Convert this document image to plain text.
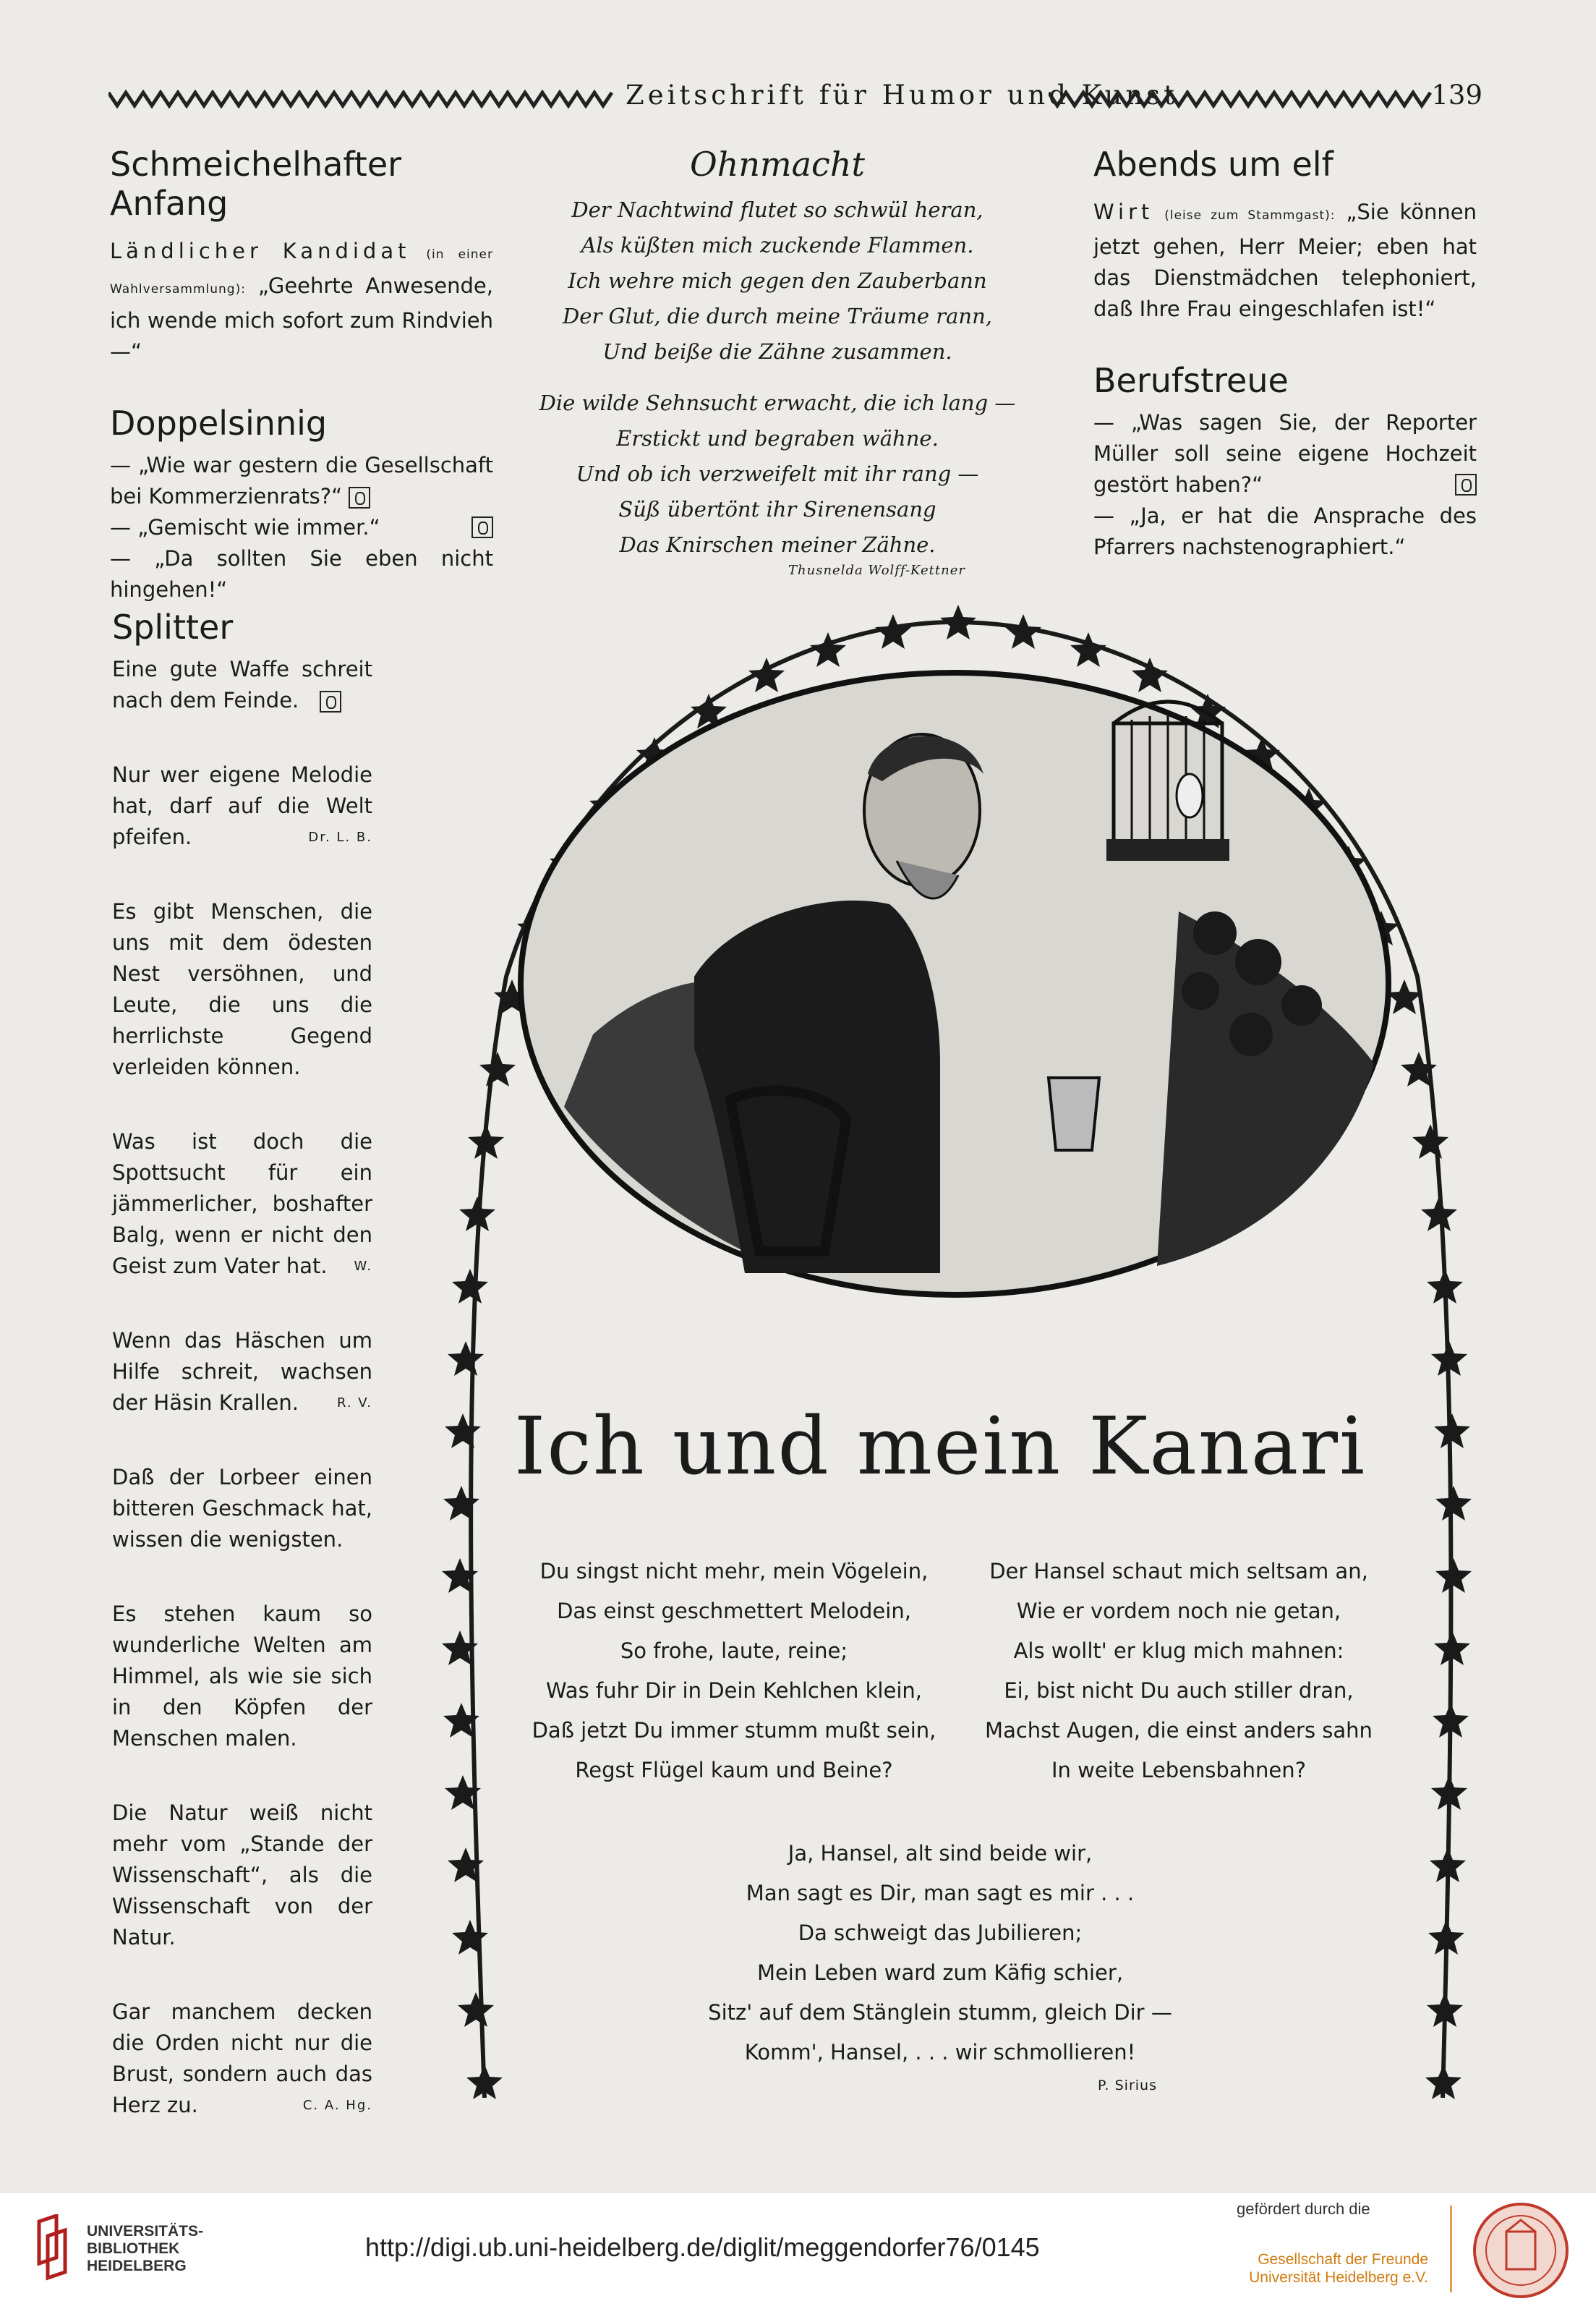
Zeitschrift für Humor und Kunst	139
Schmeichelhafter Anfang
Ländlicher Kandidat (in einer Wahlversammlung): „Geehrte Anwesende, ich wende mich sofort zum Rindvieh —“
Doppelsinnig
— „Wie war gestern die Gesellschaft bei Kommerzienrats?“
— „Gemischt wie immer.“
— „Da sollten Sie eben nicht hingehen!“
Ohnmacht
Der Nachtwind flutet so schwül heran,
Als küßten mich zuckende Flammen.
Ich wehre mich gegen den Zauberbann
Der Glut, die durch meine Träume rann,
Und beiße die Zähne zusammen.
Die wilde Sehnsucht erwacht, die ich lang —
Erstickt und begraben wähne.
Und ob ich verzweifelt mit ihr rang —
Süß übertönt ihr Sirenensang
Das Knirschen meiner Zähne.
Thusnelda Wolff-Kettner
Abends um elf
Wirt (leise zum Stammgast): „Sie können jetzt gehen, Herr Meier; eben hat das Dienstmädchen telephoniert, daß Ihre Frau eingeschlafen ist!“
Berufstreue
— „Was sagen Sie, der Reporter Müller soll seine eigene Hochzeit gestört haben?“
— „Ja, er hat die Ansprache des Pfarrers nachstenographiert.“
Splitter
Eine gute Waffe schreit nach dem Feinde.
Nur wer eigene Melodie hat, darf auf die Welt pfeifen.	Dr. L. B.
Es gibt Menschen, die uns mit dem ödesten Nest versöhnen, und Leute, die uns die herrlichste Gegend verleiden können.
Was ist doch die Spottsucht für ein jämmerlicher, boshafter Balg, wenn er nicht den Geist zum Vater hat. W.
Wenn das Häschen um Hilfe schreit, wachsen der Häsin Krallen.	R. V.
Daß der Lorbeer einen bitteren Geschmack hat, wissen die wenigsten.
Es stehen kaum so wunderliche Welten am Himmel, als wie sie sich in den Köpfen der Menschen malen.
Die Natur weiß nicht mehr vom „Stande der Wissenschaft“, als die Wissenschaft von der Natur.
Gar manchem decken die Orden nicht nur die Brust, sondern auch das Herz zu.	C. A. Hg.
Ich und mein Kanari
Du singst nicht mehr, mein Vögelein,
Das einst geschmettert Melodein,
So frohe, laute, reine;
Was fuhr Dir in Dein Kehlchen klein,
Daß jetzt Du immer stumm mußt sein,
Regst Flügel kaum und Beine?
Der Hansel schaut mich seltsam an,
Wie er vordem noch nie getan,
Als wollt' er klug mich mahnen:
Ei, bist nicht Du auch stiller dran,
Machst Augen, die einst anders sahn
In weite Lebensbahnen?
Ja, Hansel, alt sind beide wir,
Man sagt es Dir, man sagt es mir . . .
Da schweigt das Jubilieren;
Mein Leben ward zum Käfig schier,
Sitz' auf dem Stänglein stumm, gleich Dir —
Komm', Hansel, . . . wir schmollieren!
P. Sirius
UNIVERSITÄTS-
BIBLIOTHEK
HEIDELBERG
http://digi.ub.uni-heidelberg.de/diglit/meggendorfer76/0145
gefördert durch die
Gesellschaft der Freunde
Universität Heidelberg e.V.
